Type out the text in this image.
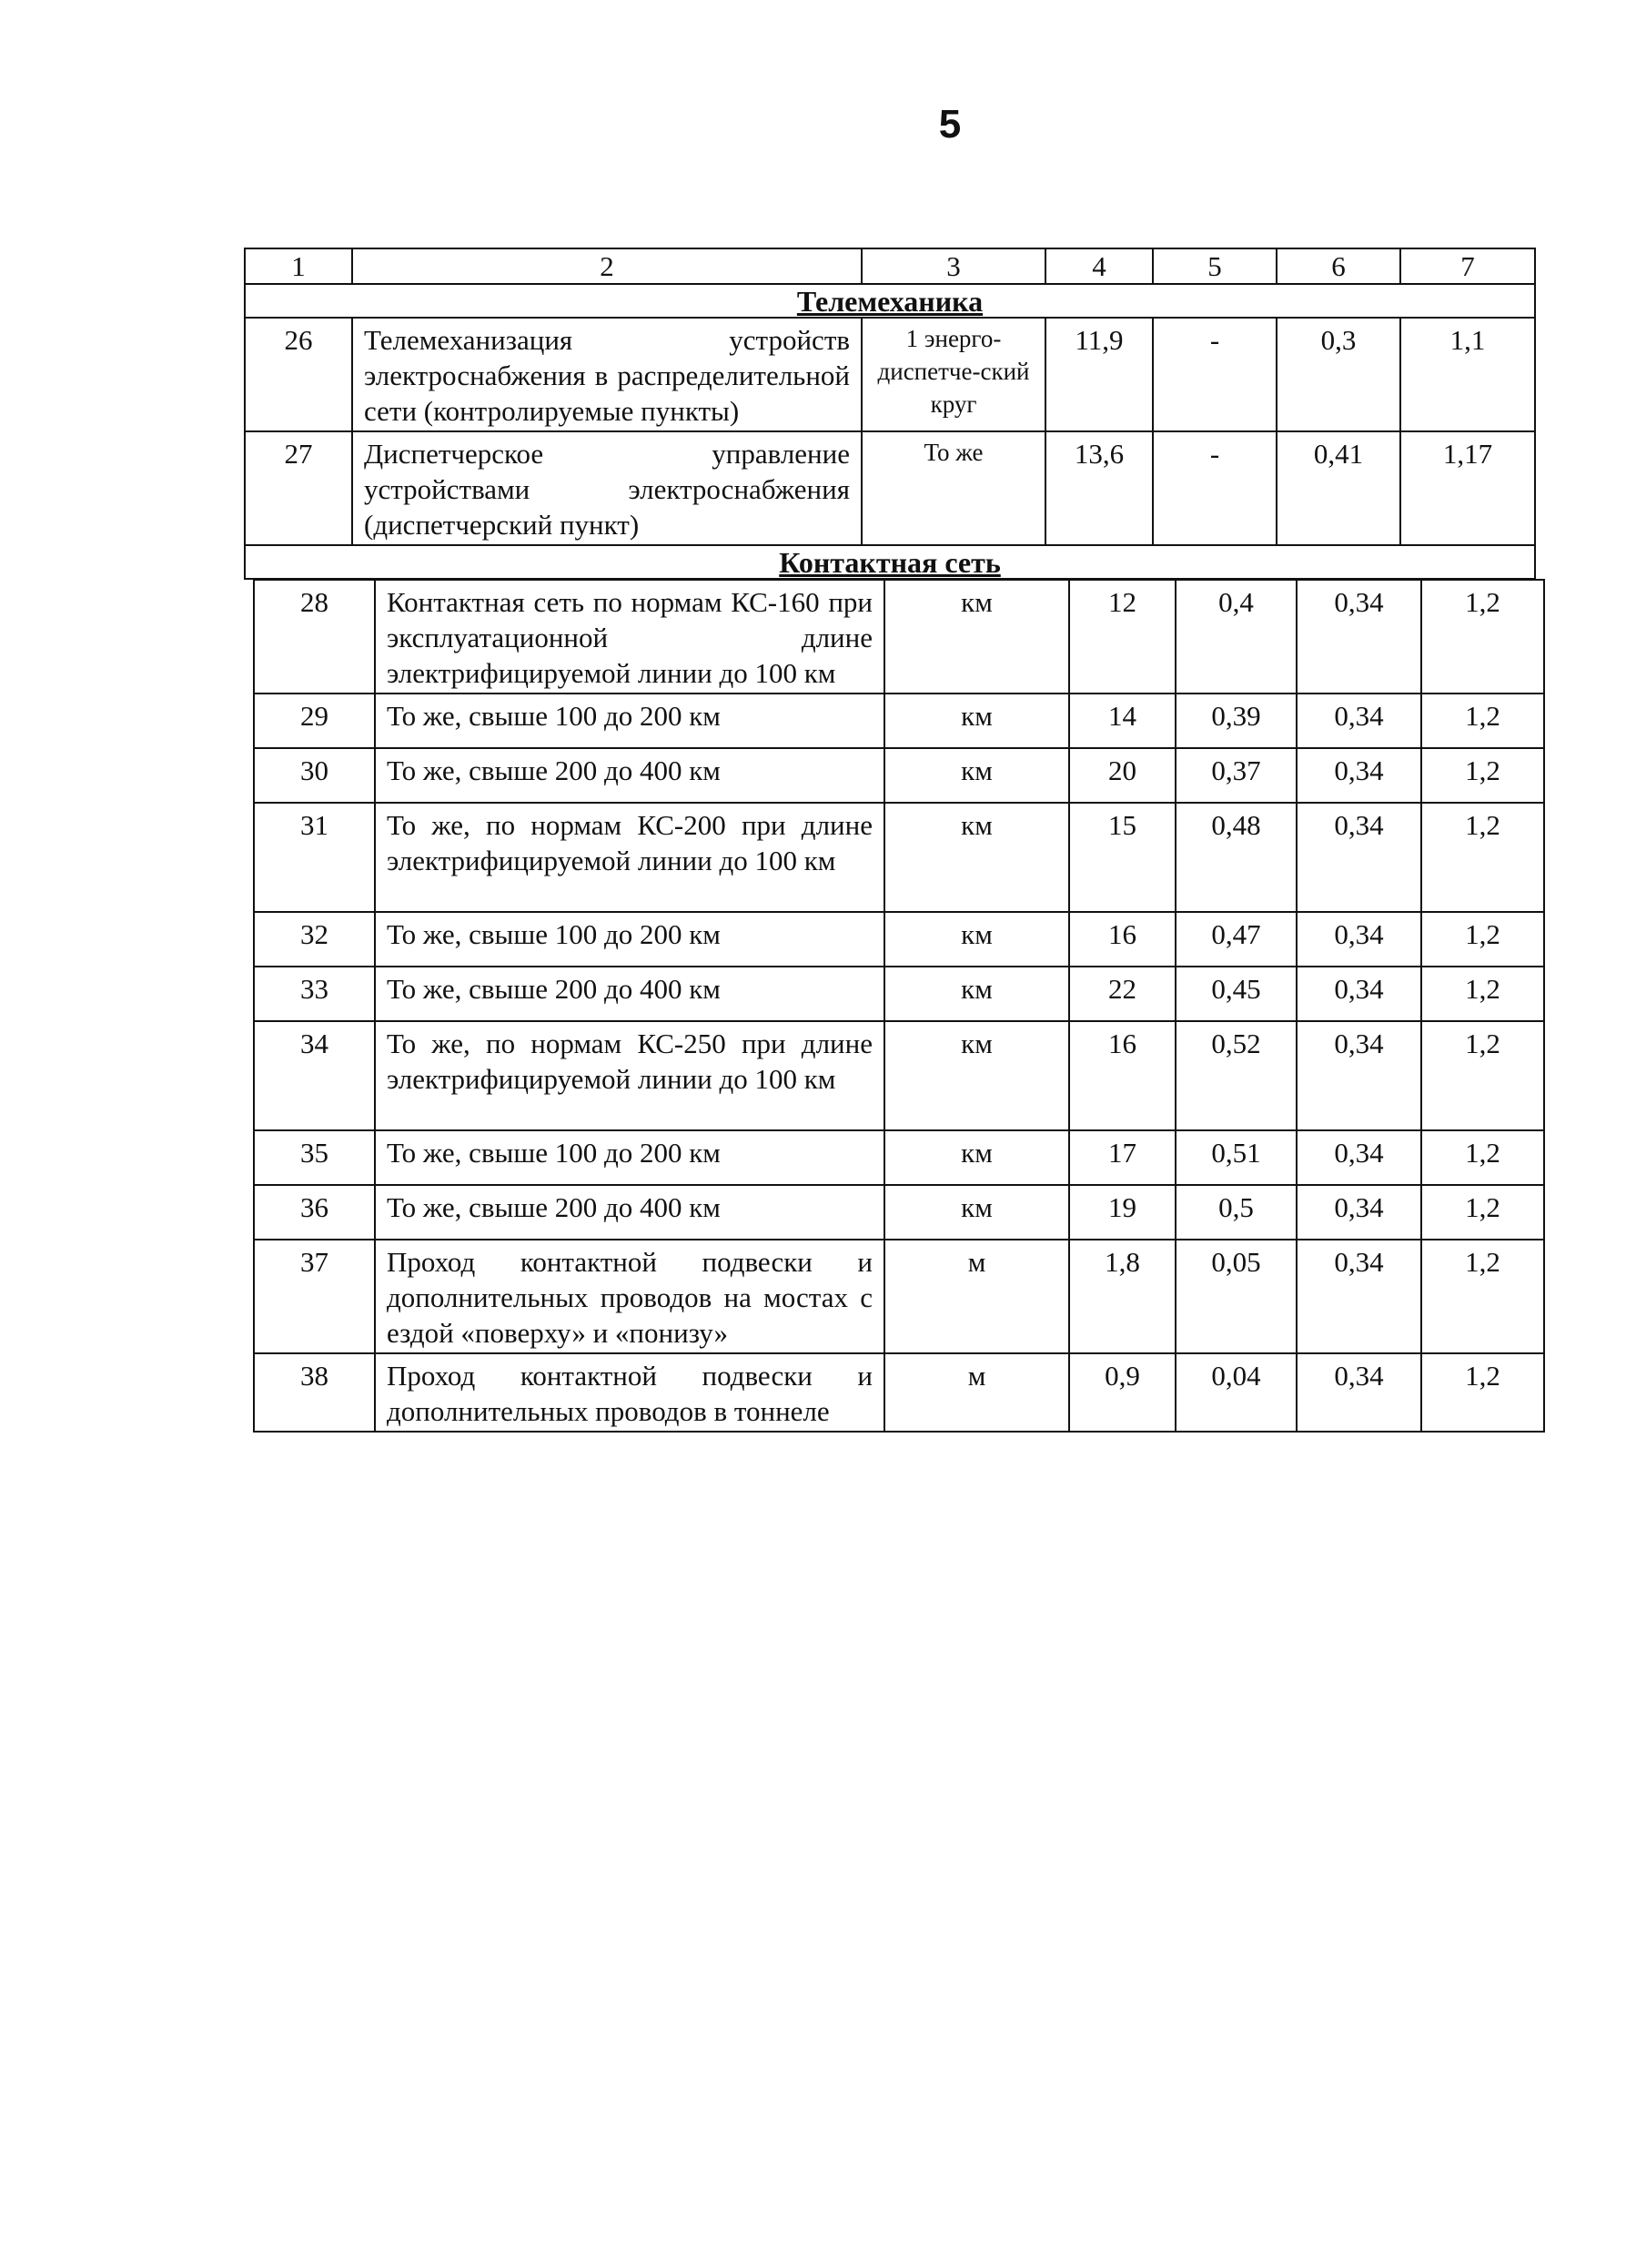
5
1	2	3	4	5	6	7
Телемеханика						
26	Телемеханизация устройств электроснабжения в распределительной сети (контролируемые пункты)	1 энерго-диспетче-ский круг	11,9	-	0,3	1,1
27	Диспетчерское управление устройствами электроснабжения (диспетчерский пункт)	То же	13,6	-	0,41	1,17
Контактная сеть						
28	Контактная сеть по нормам КС-160 при эксплуатационной длине электрифицируемой линии до 100 км	км	12	0,4	0,34	1,2
29	То же, свыше 100 до 200 км	км	14	0,39	0,34	1,2
30	То же, свыше 200 до 400 км	км	20	0,37	0,34	1,2
31	То же, по нормам КС-200 при длине электрифицируемой линии до 100 км	км	15	0,48	0,34	1,2
32	То же, свыше 100 до 200 км	км	16	0,47	0,34	1,2
33	То же, свыше 200 до 400 км	км	22	0,45	0,34	1,2
34	То же, по нормам КС-250 при длине электрифицируемой линии до 100 км	км	16	0,52	0,34	1,2
35	То же, свыше 100 до 200 км	км	17	0,51	0,34	1,2
36	То же, свыше 200 до 400 км	км	19	0,5	0,34	1,2
37	Проход контактной подвески и дополнительных проводов на мостах с ездой «поверху» и «понизу»	м	1,8	0,05	0,34	1,2
38	Проход контактной подвески и дополнительных проводов в тоннеле	м	0,9	0,04	0,34	1,2
